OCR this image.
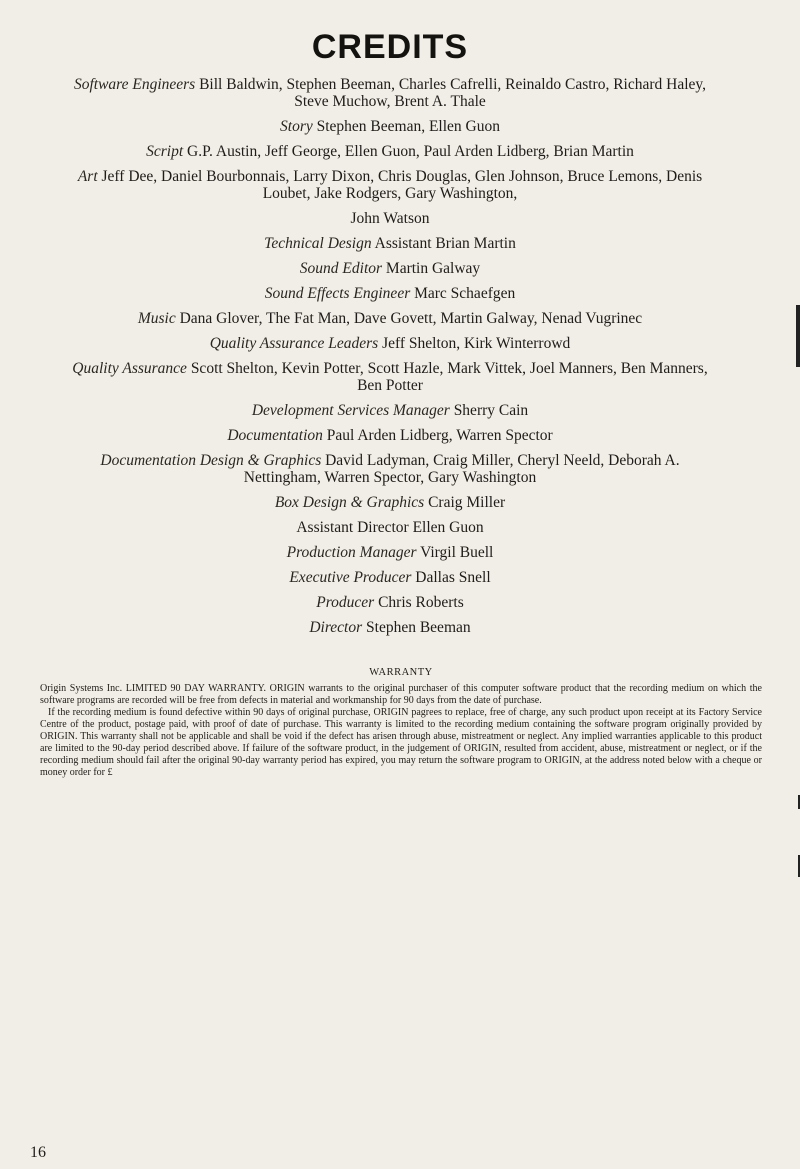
CREDITS

Software Engineers Bill Baldwin, Stephen Beeman, Charles Cafrelli, Reinaldo Castro, Richard Haley, Steve Muchow, Brent A. Thale

Story Stephen Beeman, Ellen Guon

Script G.P. Austin, Jeff George, Ellen Guon, Paul Arden Lidberg, Brian Martin

Art Jeff Dee, Daniel Bourbonnais, Larry Dixon, Chris Douglas, Glen Johnson, Bruce Lemons, Denis Loubet, Jake Rodgers, Gary Washington,

John Watson

Technical Design Assistant Brian Martin

Sound Editor Martin Galway

Sound Effects Engineer Marc Schaefgen

Music Dana Glover, The Fat Man, Dave Govett, Martin Galway, Nenad Vugrinec

Quality Assurance Leaders Jeff Shelton, Kirk Winterrowd

Quality Assurance Scott Shelton, Kevin Potter, Scott Hazle, Mark Vittek, Joel Manners, Ben Manners, Ben Potter

Development Services Manager Sherry Cain

Documentation Paul Arden Lidberg, Warren Spector

Documentation Design & Graphics David Ladyman, Craig Miller, Cheryl Neeld, Deborah A. Nettingham, Warren Spector, Gary Washington

Box Design & Graphics Craig Miller

Assistant Director Ellen Guon

Production Manager Virgil Buell

Executive Producer Dallas Snell

Producer Chris Roberts

Director Stephen Beeman

WARRANTY

Origin Systems Inc. LIMITED 90 DAY WARRANTY. ORIGIN warrants to the original purchaser of this computer software product that the recording medium on which the software programs are recorded will be free from defects in material and workmanship for 90 days from the date of purchase.

If the recording medium is found defective within 90 days of original purchase, ORIGIN pagrees to replace, free of charge, any such product upon receipt at its Factory Service Centre of the product, postage paid, with proof of date of purchase. This warranty is limited to the recording medium containing the software program originally provided by ORIGIN. This warranty shall not be applicable and shall be void if the defect has arisen through abuse, mistreatment or neglect. Any implied warranties applicable to this product are limited to the 90-day period described above. If failure of the software product, in the judgement of ORIGIN, resulted from accident, abuse, mistreatment or neglect, or if the recording medium should fail after the original 90-day warranty period has expired, you may return the software program to ORIGIN, at the address noted below with a cheque or money order for £

16
